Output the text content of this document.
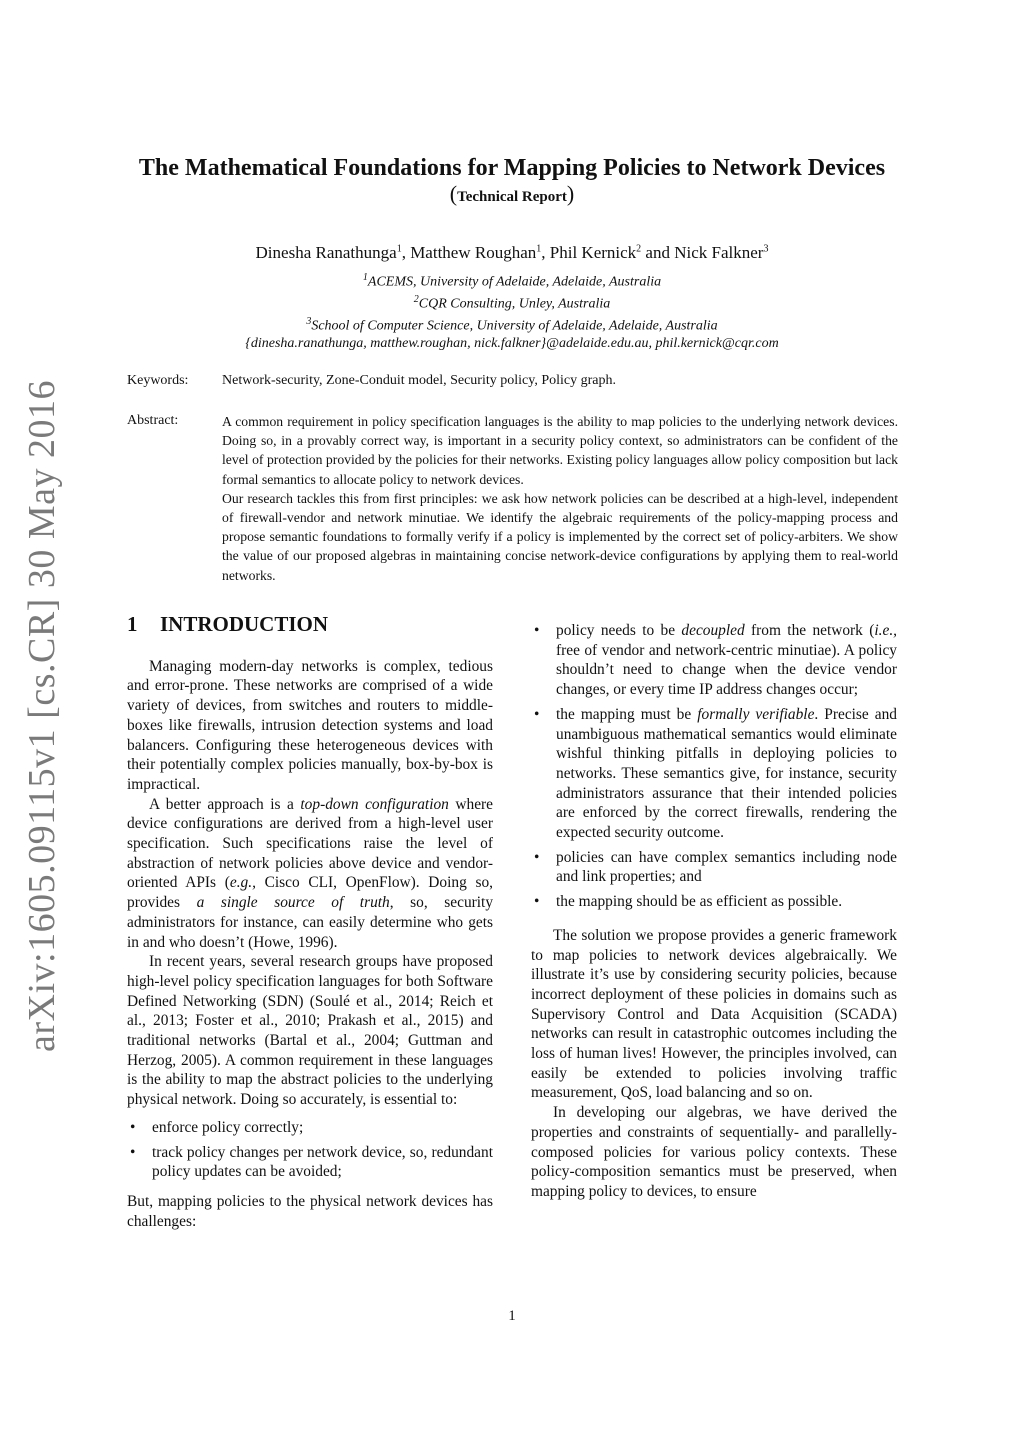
arXiv:1605.09115v1 [cs.CR] 30 May 2016
The Mathematical Foundations for Mapping Policies to Network Devices
(Technical Report)
Dinesha Ranathunga$^1$, Matthew Roughan$^1$, Phil Kernick$^2$ and Nick Falkner$^3$
$^1$ACEMS, University of Adelaide, Adelaide, Australia
$^2$CQR Consulting, Unley, Australia
$^3$School of Computer Science, University of Adelaide, Adelaide, Australia
{dinesha.ranathunga, matthew.roughan, nick.falkner}@adelaide.edu.au, phil.kernick@cqr.com
Keywords: Network-security, Zone-Conduit model, Security policy, Policy graph.
Abstract:	A common requirement in policy specification languages is the ability to map policies to the underlying network devices. Doing so, in a provably correct way, is important in a security policy context, so administrators can be confident of the level of protection provided by the policies for their networks. Existing policy languages allow policy composition but lack formal semantics to allocate policy to network devices.

Our research tackles this from first principles: we ask how network policies can be described at a high-level, independent of firewall-vendor and network minutiae. We identify the algebraic requirements of the policy-mapping process and propose semantic foundations to formally verify if a policy is implemented by the correct set of policy-arbiters. We show the value of our proposed algebras in maintaining concise network-device configurations by applying them to real-world networks.

1 INTRODUCTION

Managing modern-day networks is complex, tedious and error-prone. These networks are comprised of a wide variety of devices, from switches and routers to middle-boxes like firewalls, intrusion detection systems and load balancers. Configuring these heterogeneous devices with their potentially complex policies manually, box-by-box is impractical.

A better approach is a top-down configuration where device configurations are derived from a high-level user specification. Such specifications raise the level of abstraction of network policies above device and vendor-oriented APIs (e.g., Cisco CLI, OpenFlow). Doing so, provides a single source of truth, so, security administrators for instance, can easily determine who gets in and who doesn’t (Howe, 1996).

In recent years, several research groups have proposed high-level policy specification languages for both Software Defined Networking (SDN) (Soulé et al., 2014; Reich et al., 2013; Foster et al., 2010; Prakash et al., 2015) and traditional networks (Bartal et al., 2004; Guttman and Herzog, 2005). A common requirement in these languages is the ability to map the abstract policies to the underlying physical network. Doing so accurately, is essential to:

• enforce policy correctly;
• track policy changes per network device, so, redundant policy updates can be avoided;

But, mapping policies to the physical network devices has challenges:

• policy needs to be decoupled from the network (i.e., free of vendor and network-centric minutiae). A policy shouldn’t need to change when the device vendor changes, or every time IP address changes occur;
• the mapping must be formally verifiable. Precise and unambiguous mathematical semantics would eliminate wishful thinking pitfalls in deploying policies to networks. These semantics give, for instance, security administrators assurance that their intended policies are enforced by the correct firewalls, rendering the expected security outcome.
• policies can have complex semantics including node and link properties; and
• the mapping should be as efficient as possible.

The solution we propose provides a generic framework to map policies to network devices algebraically. We illustrate it’s use by considering security policies, because incorrect deployment of these policies in domains such as Supervisory Control and Data Acquisition (SCADA) networks can result in catastrophic outcomes including the loss of human lives! However, the principles involved, can easily be extended to policies involving traffic measurement, QoS, load balancing and so on.

In developing our algebras, we have derived the properties and constraints of sequentially- and parallelly-composed policies for various policy contexts. These policy-composition semantics must be preserved, when mapping policy to devices, to ensure

1
